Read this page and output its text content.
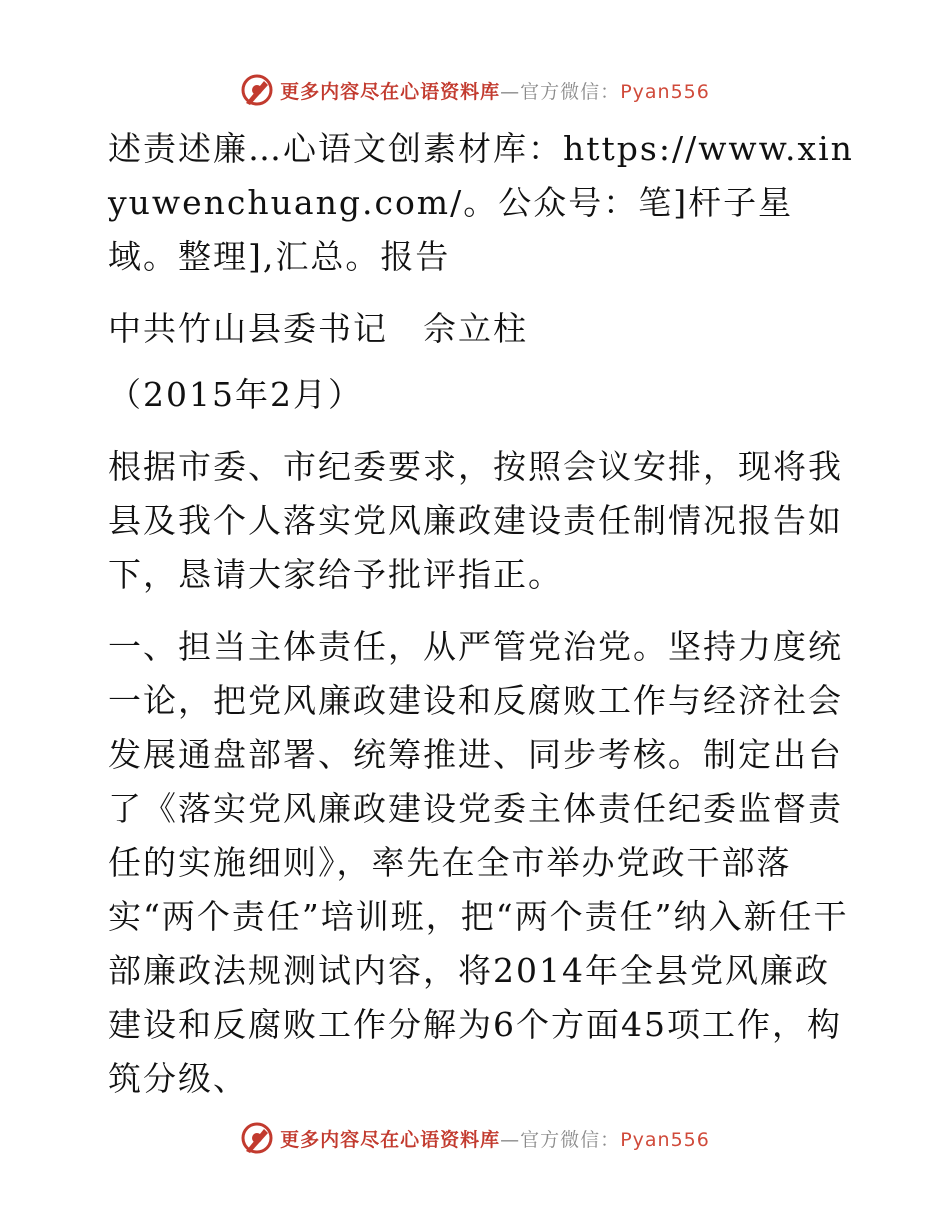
更多内容尽在心语资料库—官方微信：Pyan556

述责述廉…心语文创素材库：https://www.xinyuwenchuang.com/。公众号：笔]杆子星域。整理],汇总。报告

中共竹山县委书记　佘立柱

（2015年2月）

根据市委、市纪委要求，按照会议安排，现将我县及我个人落实党风廉政建设责任制情况报告如下，恳请大家给予批评指正。

一、担当主体责任，从严管党治党。坚持力度统一论，把党风廉政建设和反腐败工作与经济社会发展通盘部署、统筹推进、同步考核。制定出台了《落实党风廉政建设党委主体责任纪委监督责任的实施细则》，率先在全市举办党政干部落实“两个责任”培训班，把“两个责任”纳入新任干部廉政法规测试内容，将2014年全县党风廉政建设和反腐败工作分解为6个方面45项工作，构筑分级、

更多内容尽在心语资料库—官方微信：Pyan556
